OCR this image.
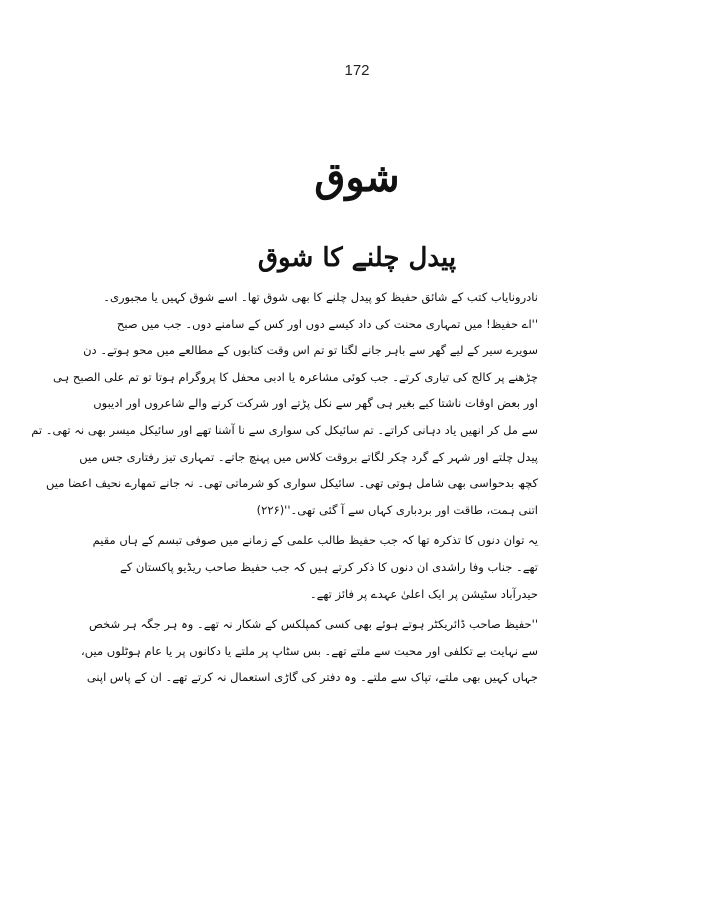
172
شوق
پیدل چلنے کا شوق
نادرونایاب کتب کے شائق حفیظ کو پیدل چلنے کا بھی شوق تھا۔ اسے شوق کہیں یا مجبوری۔
''اے حفیظ! میں تمہاری محنت کی داد کیسے دوں اور کس کے سامنے دوں۔ جب میں صبح
سویرے سیر کے لیے گھر سے باہر جانے لگتا تو تم اس وقت کتابوں کے مطالعے میں محو ہوتے۔ دن
چڑھنے پر کالج کی تیاری کرتے۔ جب کوئی مشاعرہ یا ادبی محفل کا پروگرام ہوتا تو تم علی الصبح ہی
اور بعض اوقات ناشتا کیے بغیر ہی گھر سے نکل پڑتے اور شرکت کرنے والے شاعروں اور ادیبوں
سے مل کر انھیں یاد دہانی کراتے۔ تم سائیکل کی سواری سے نا آشنا تھے اور سائیکل میسر بھی نہ تھی۔ تم
پیدل چلتے اور شہر کے گرد چکر لگاتے بروقت کلاس میں پہنچ جاتے۔ تمہاری تیز رفتاری جس میں
کچھ بدحواسی بھی شامل ہوتی تھی۔ سائیکل سواری کو شرماتی تھی۔ نہ جانے تمھارے نحیف اعضا میں
اتنی ہمت، طاقت اور بردباری کہاں سے آ گئی تھی۔''(۲۲۶)
یہ توان دنوں کا تذکرہ تھا کہ جب حفیظ طالب علمی کے زمانے میں صوفی تبسم کے ہاں مقیم
تھے۔ جناب وفا راشدی ان دنوں کا ذکر کرتے ہیں کہ جب حفیظ صاحب ریڈیو پاکستان کے
حیدرآباد سٹیشن پر ایک اعلیٰ عہدے پر فائز تھے۔
''حفیظ صاحب ڈائریکٹر ہوتے ہوئے بھی کسی کمپلکس کے شکار نہ تھے۔ وہ ہر جگہ ہر شخص
سے نہایت بے تکلفی اور محبت سے ملتے تھے۔ بس سٹاپ پر ملتے یا دکانوں پر یا عام ہوٹلوں میں،
جہاں کہیں بھی ملتے، تپاک سے ملتے۔ وہ دفتر کی گاڑی استعمال نہ کرتے تھے۔ ان کے پاس اپنی
